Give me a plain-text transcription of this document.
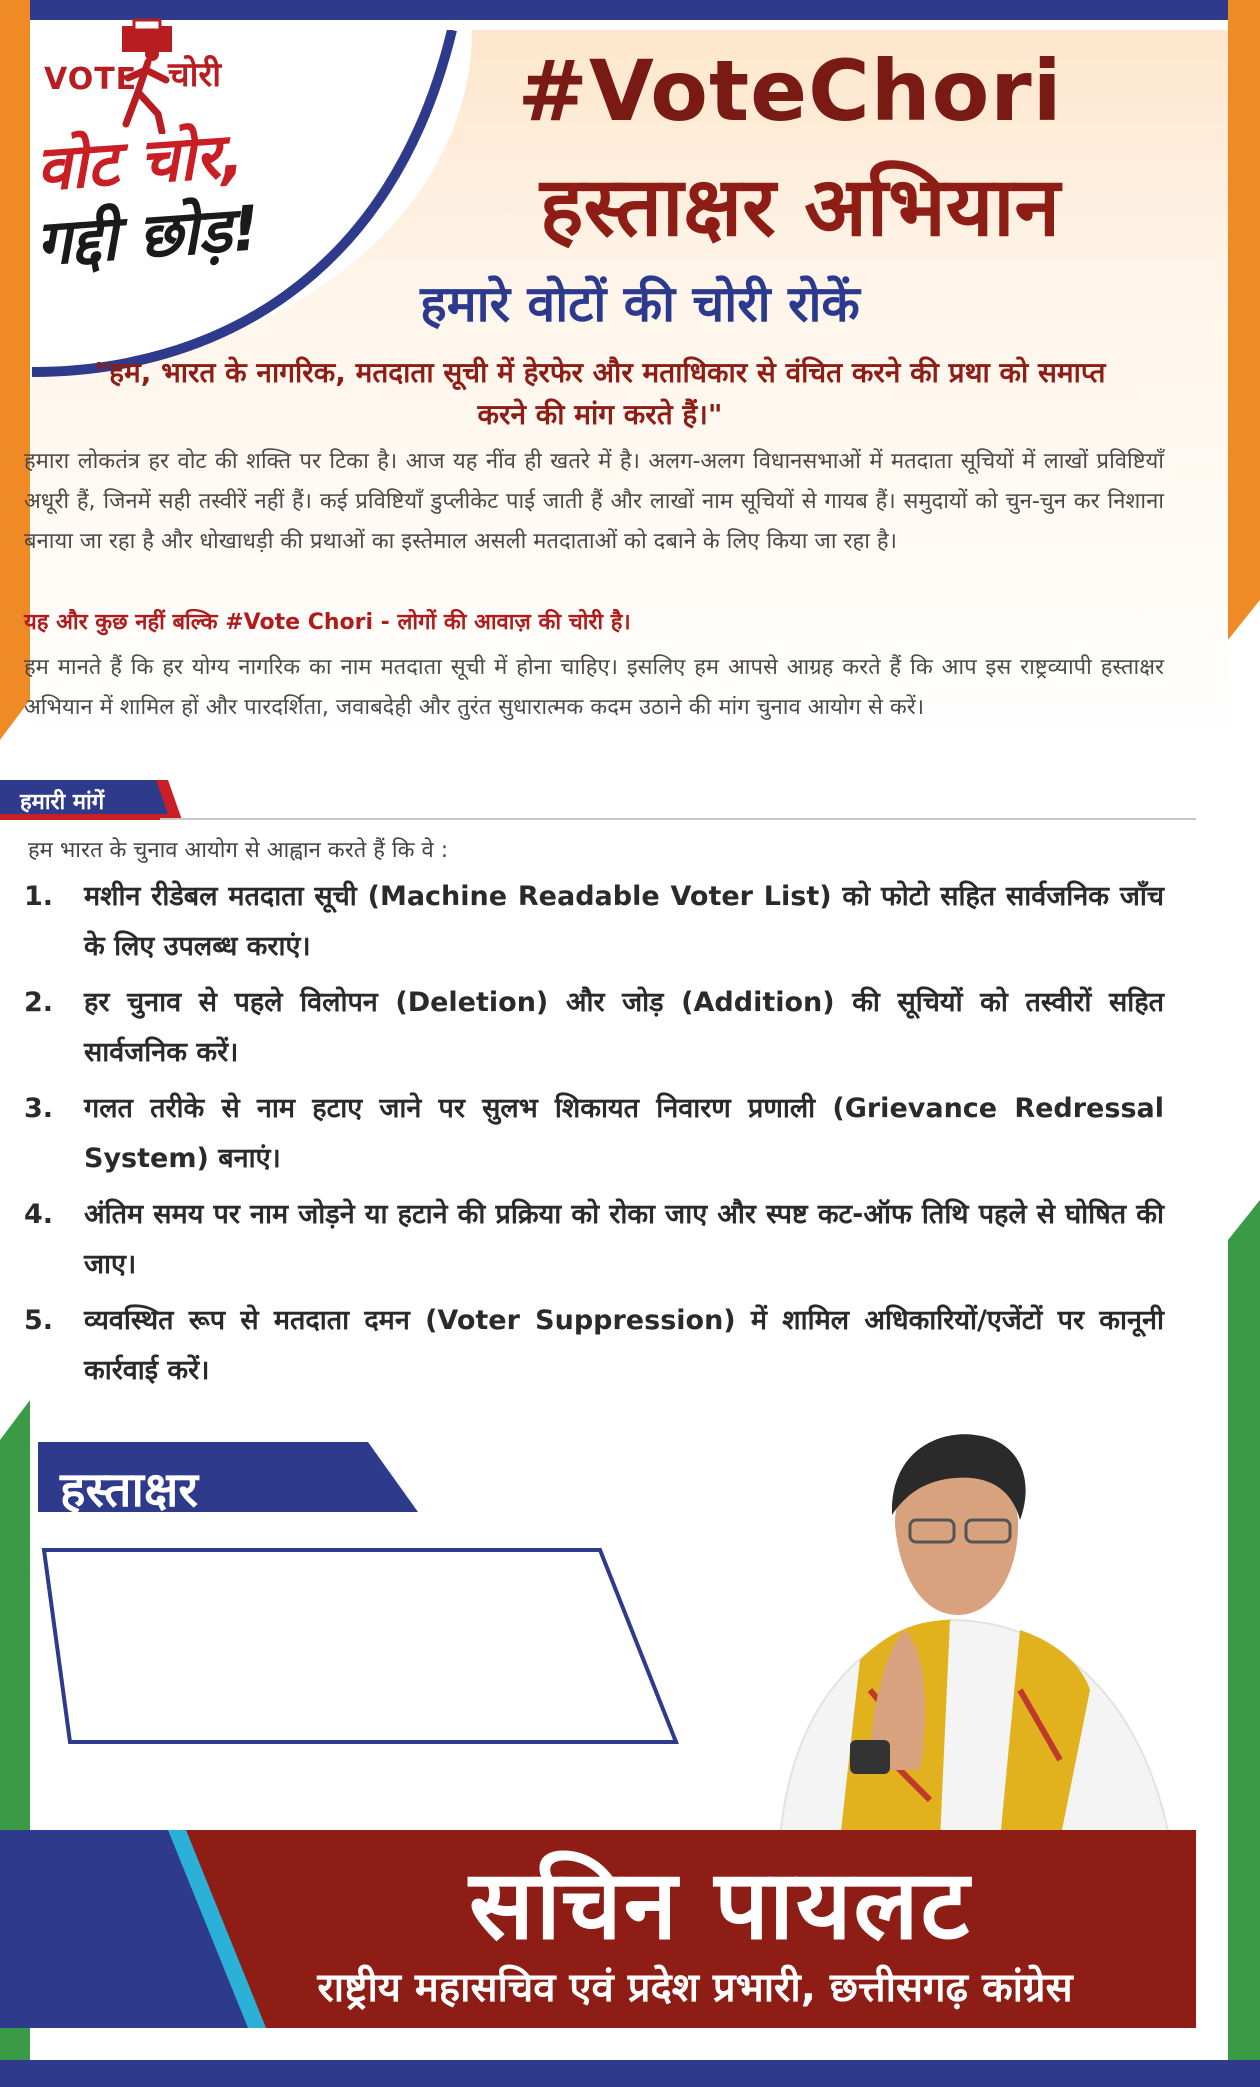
VOTE चोरी
वोट चोर,
गद्दी छोड़!
#VoteChori
हस्ताक्षर अभियान
हमारे वोटों की चोरी रोकें
"हम, भारत के नागरिक, मतदाता सूची में हेरफेर और मताधिकार से वंचित करने की प्रथा को समाप्त करने की मांग करते हैं।"
हमारा लोकतंत्र हर वोट की शक्ति पर टिका है। आज यह नींव ही खतरे में है। अलग-अलग विधानसभाओं में मतदाता सूचियों में लाखों प्रविष्टियाँ अधूरी हैं, जिनमें सही तस्वीरें नहीं हैं। कई प्रविष्टियाँ डुप्लीकेट पाई जाती हैं और लाखों नाम सूचियों से गायब हैं। समुदायों को चुन-चुन कर निशाना बनाया जा रहा है और धोखाधड़ी की प्रथाओं का इस्तेमाल असली मतदाताओं को दबाने के लिए किया जा रहा है।
यह और कुछ नहीं बल्कि #Vote Chori - लोगों की आवाज़ की चोरी है।
हम मानते हैं कि हर योग्य नागरिक का नाम मतदाता सूची में होना चाहिए। इसलिए हम आपसे आग्रह करते हैं कि आप इस राष्ट्रव्यापी हस्ताक्षर अभियान में शामिल हों और पारदर्शिता, जवाबदेही और तुरंत सुधारात्मक कदम उठाने की मांग चुनाव आयोग से करें।
हमारी मांगें
हम भारत के चुनाव आयोग से आह्वान करते हैं कि वे :
1.	मशीन रीडेबल मतदाता सूची (Machine Readable Voter List) को फोटो सहित सार्वजनिक जाँच के लिए उपलब्ध कराएं।
2.	हर चुनाव से पहले विलोपन (Deletion) और जोड़ (Addition) की सूचियों को तस्वीरों सहित सार्वजनिक करें।
3.	गलत तरीके से नाम हटाए जाने पर सुलभ शिकायत निवारण प्रणाली (Grievance Redressal System) बनाएं।
4.	अंतिम समय पर नाम जोड़ने या हटाने की प्रक्रिया को रोका जाए और स्पष्ट कट-ऑफ तिथि पहले से घोषित की जाए।
5.	व्यवस्थित रूप से मतदाता दमन (Voter Suppression) में शामिल अधिकारियों/एजेंटों पर कानूनी कार्रवाई करें।
हस्ताक्षर
सचिन पायलट
राष्ट्रीय महासचिव एवं प्रदेश प्रभारी, छत्तीसगढ़ कांग्रेस
